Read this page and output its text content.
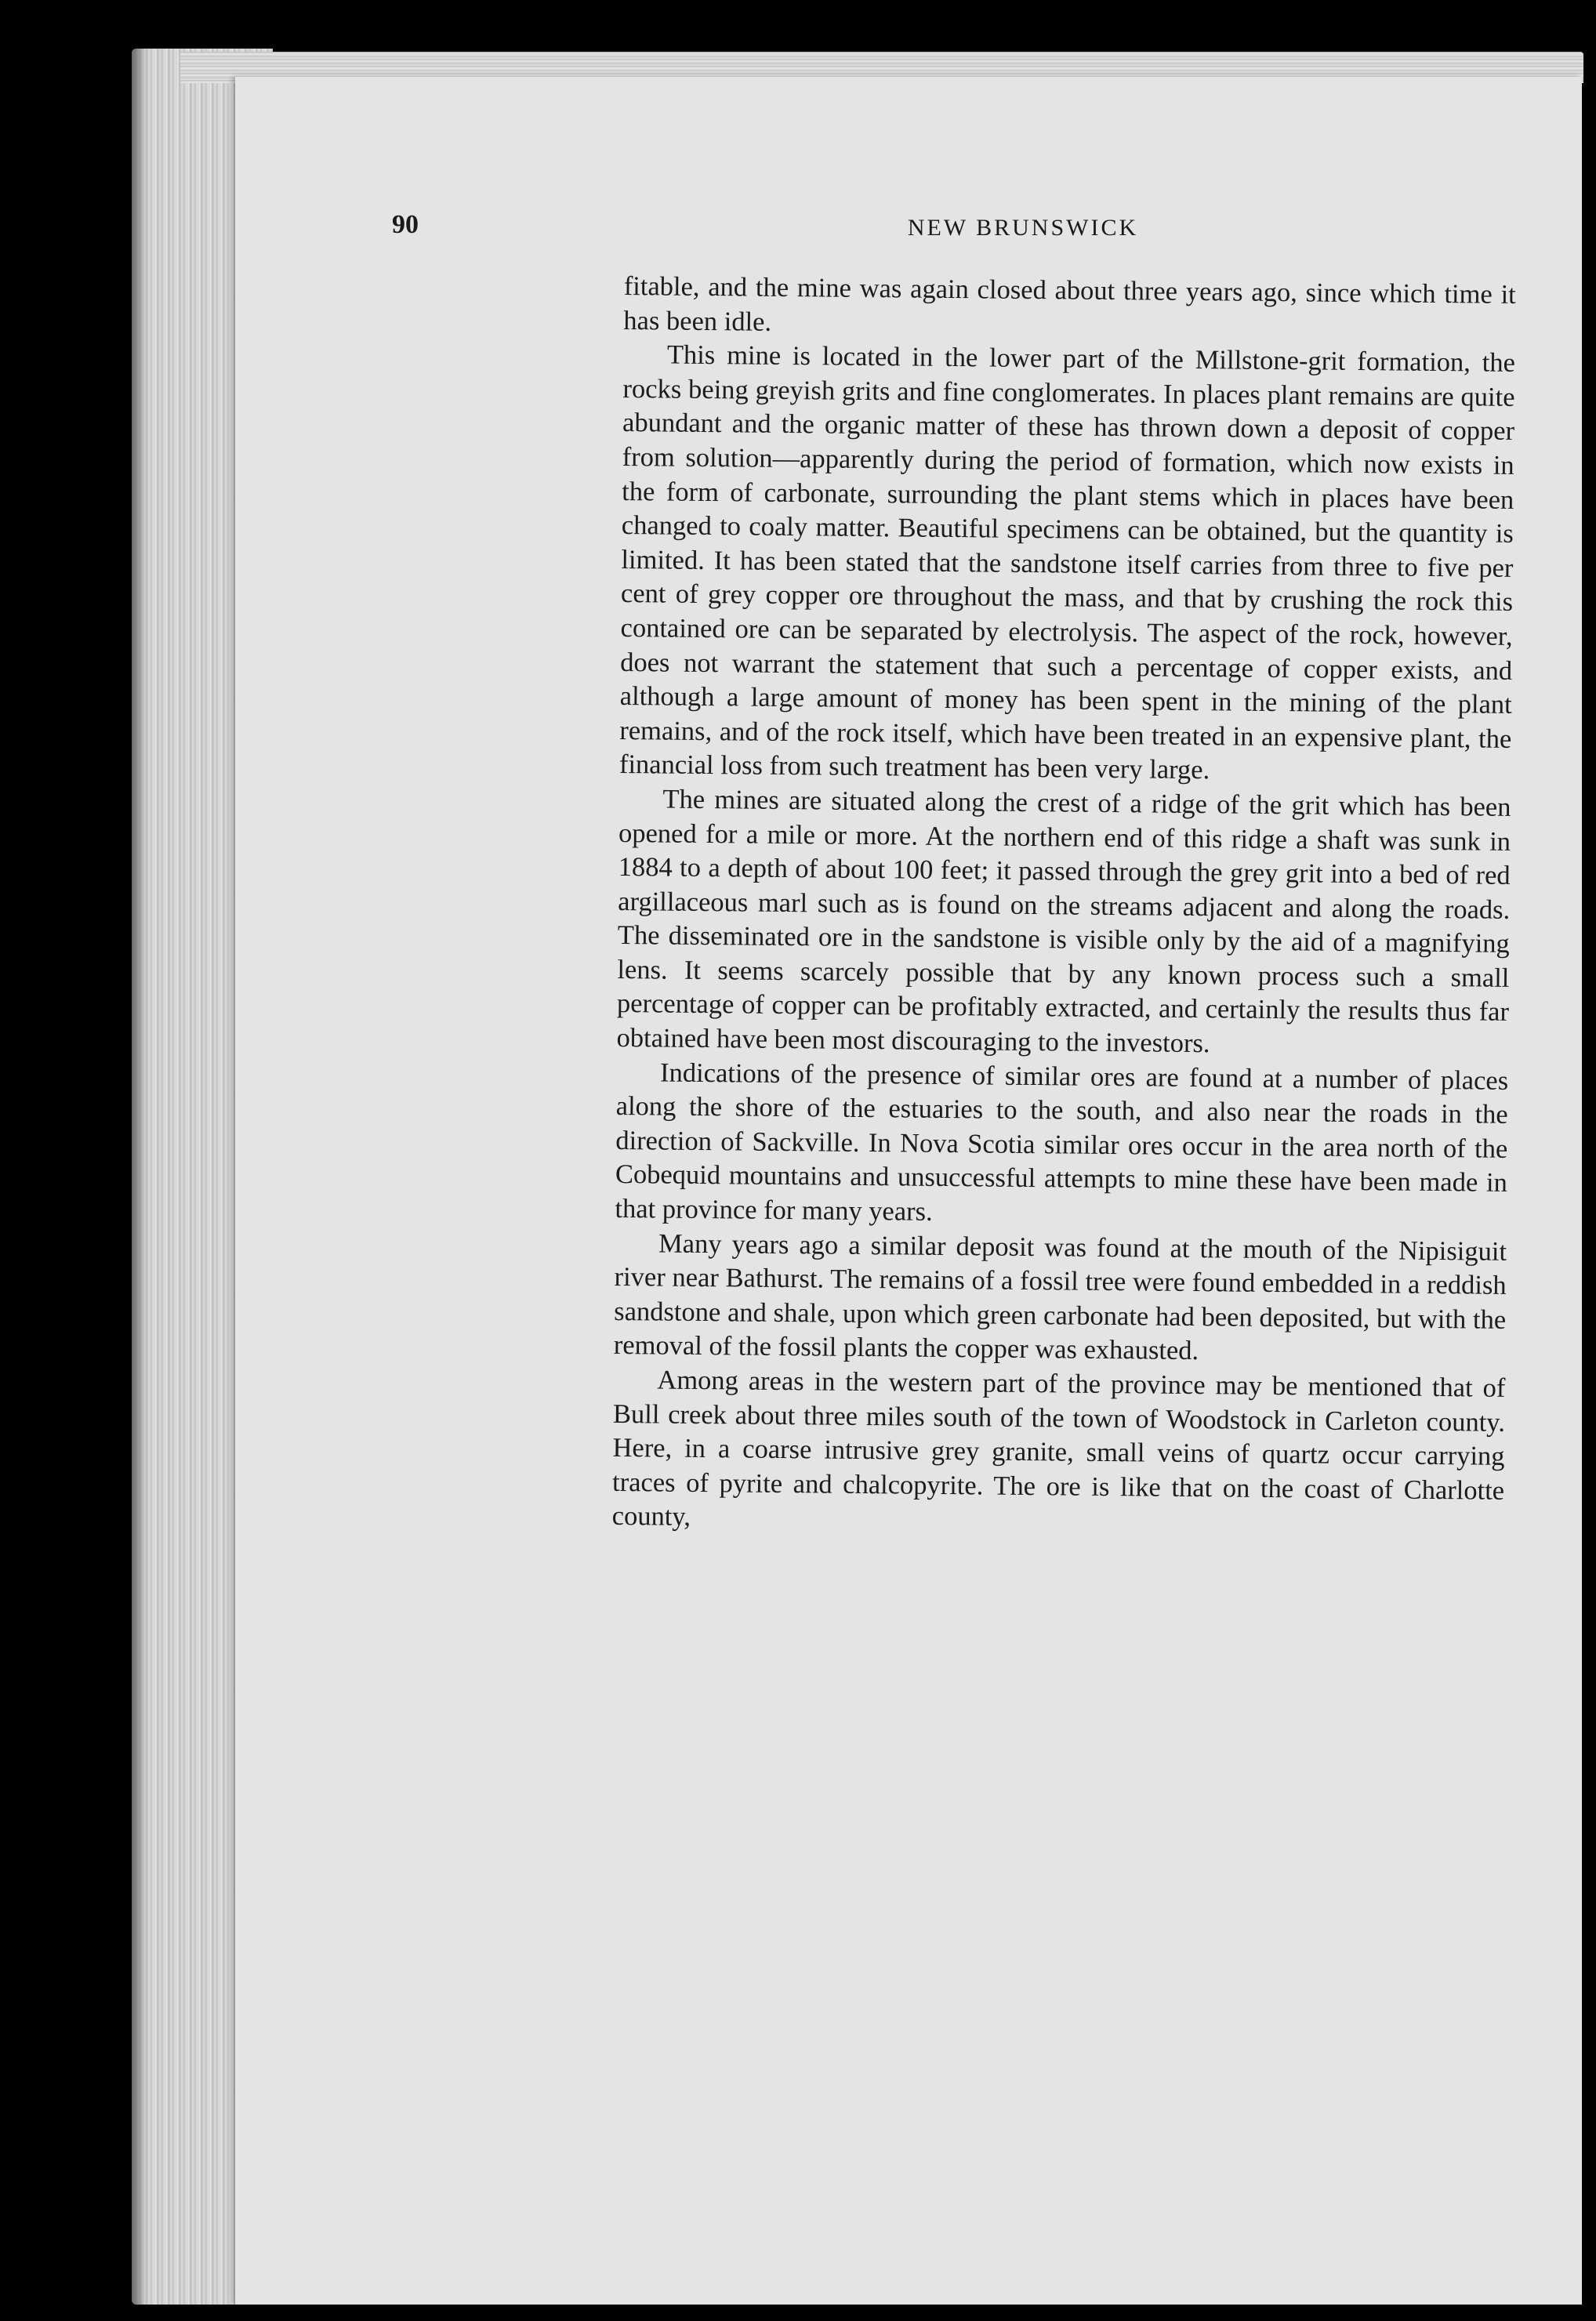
90	NEW BRUNSWICK

fitable, and the mine was again closed about three years ago, since which time it has been idle.

This mine is located in the lower part of the Millstone-grit formation, the rocks being greyish grits and fine conglomerates. In places plant remains are quite abundant and the organic matter of these has thrown down a deposit of copper from solution—apparently during the period of formation, which now exists in the form of carbonate, surrounding the plant stems which in places have been changed to coaly matter. Beautiful specimens can be obtained, but the quantity is limited. It has been stated that the sandstone itself carries from three to five per cent of grey copper ore throughout the mass, and that by crushing the rock this contained ore can be separated by electrolysis. The aspect of the rock, however, does not warrant the statement that such a percentage of copper exists, and although a large amount of money has been spent in the mining of the plant remains, and of the rock itself, which have been treated in an expensive plant, the financial loss from such treatment has been very large.

The mines are situated along the crest of a ridge of the grit which has been opened for a mile or more. At the northern end of this ridge a shaft was sunk in 1884 to a depth of about 100 feet; it passed through the grey grit into a bed of red argillaceous marl such as is found on the streams adjacent and along the roads. The disseminated ore in the sandstone is visible only by the aid of a magnifying lens. It seems scarcely possible that by any known process such a small percentage of copper can be profitably extracted, and certainly the results thus far obtained have been most discouraging to the investors.

Indications of the presence of similar ores are found at a number of places along the shore of the estuaries to the south, and also near the roads in the direction of Sackville. In Nova Scotia similar ores occur in the area north of the Cobequid mountains and unsuccessful attempts to mine these have been made in that province for many years.

Many years ago a similar deposit was found at the mouth of the Nipisiguit river near Bathurst. The remains of a fossil tree were found embedded in a reddish sandstone and shale, upon which green carbonate had been deposited, but with the removal of the fossil plants the copper was exhausted.

Among areas in the western part of the province may be mentioned that of Bull creek about three miles south of the town of Woodstock in Carleton county. Here, in a coarse intrusive grey granite, small veins of quartz occur carrying traces of pyrite and chalcopyrite. The ore is like that on the coast of Charlotte county,
